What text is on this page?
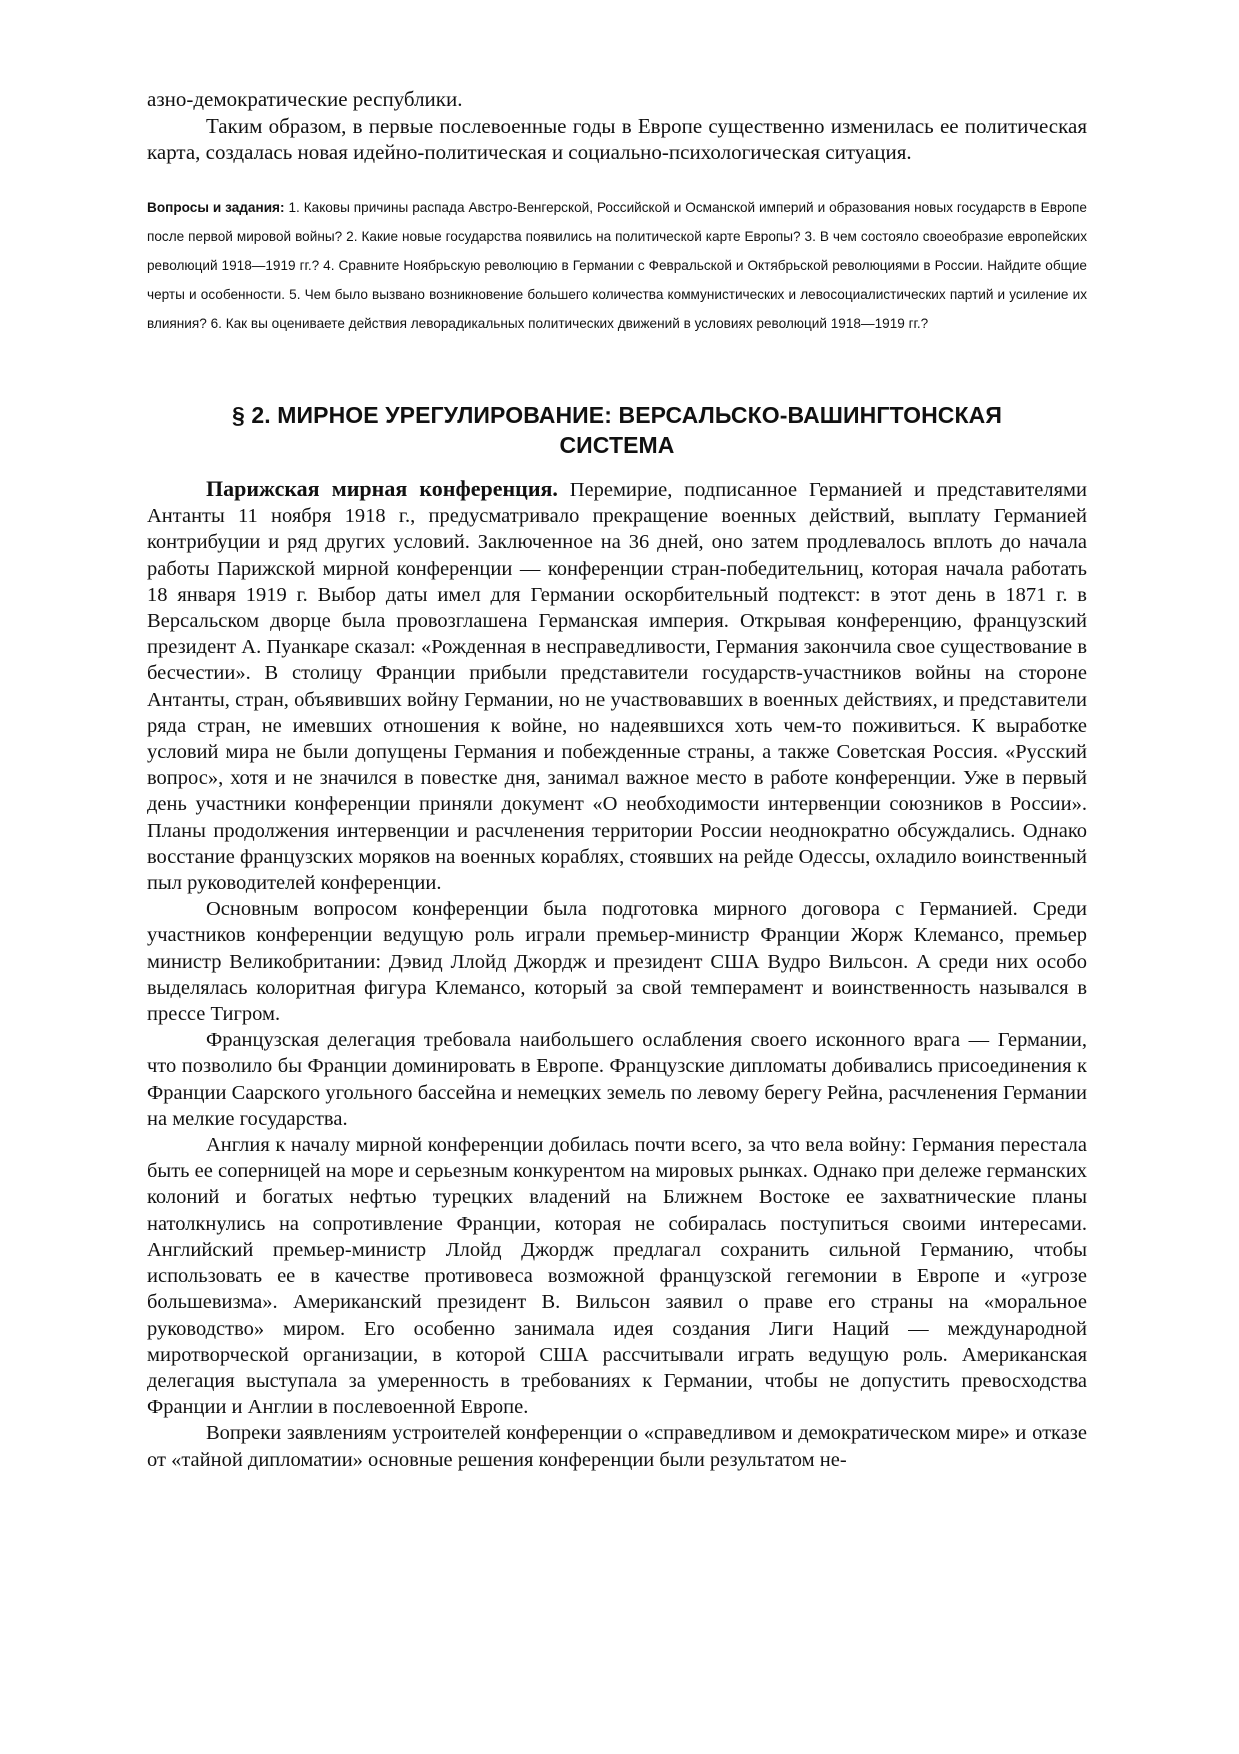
азно-демократические республики.

Таким образом, в первые послевоенные годы в Европе существенно изменилась ее политическая карта, создалась новая идейно-политическая и социально-психологическая ситуация.

Вопросы и задания: 1. Каковы причины распада Австро-Венгерской, Российской и Османской империй и образования новых государств в Европе после первой мировой войны? 2. Какие новые государства появились на политической карте Европы? 3. В чем состояло своеобразие европейских революций 1918—1919 гг.? 4. Сравните Ноябрьскую революцию в Германии с Февральской и Октябрьской революциями в России. Найдите общие черты и особенности. 5. Чем было вызвано возникновение большего количества коммунистических и левосоциалистических партий и усиление их влияния? 6. Как вы оцениваете действия леворадикальных политических движений в условиях революций 1918—1919 гг.?
§ 2. МИРНОЕ УРЕГУЛИРОВАНИЕ: ВЕРСАЛЬСКО-ВАШИНГТОНСКАЯ
СИСТЕМА

Парижская мирная конференция. Перемирие, подписанное Германией и представителями Антанты 11 ноября 1918 г., предусматривало прекращение военных действий, выплату Германией контрибуции и ряд других условий. Заключенное на 36 дней, оно затем продлевалось вплоть до начала работы Парижской мирной конференции — конференции стран-победительниц, которая начала работать 18 января 1919 г. Выбор даты имел для Германии оскорбительный подтекст: в этот день в 1871 г. в Версальском дворце была провозглашена Германская империя. Открывая конференцию, французский президент А. Пуанкаре сказал: «Рожденная в несправедливости, Германия закончила свое существование в бесчестии». В столицу Франции прибыли представители государств-участников войны на стороне Антанты, стран, объявивших войну Германии, но не участвовавших в военных действиях, и представители ряда стран, не имевших отношения к войне, но надеявшихся хоть чем-то поживиться. К выработке условий мира не были допущены Германия и побежденные страны, а также Советская Россия. «Русский вопрос», хотя и не значился в повестке дня, занимал важное место в работе конференции. Уже в первый день участники конференции приняли документ «О необходимости интервенции союзников в России». Планы продолжения интервенции и расчленения территории России неоднократно обсуждались. Однако восстание французских моряков на военных кораблях, стоявших на рейде Одессы, охладило воинственный пыл руководителей конференции.

Основным вопросом конференции была подготовка мирного договора с Германией. Среди участников конференции ведущую роль играли премьер-министр Франции Жорж Клемансо, премьер министр Великобритании: Дэвид Ллойд Джордж и президент США Вудро Вильсон. А среди них особо выделялась колоритная фигура Клемансо, который за свой темперамент и воинственность назывался в прессе Тигром.

Французская делегация требовала наибольшего ослабления своего исконного врага — Германии, что позволило бы Франции доминировать в Европе. Французские дипломаты добивались присоединения к Франции Саарского угольного бассейна и немецких земель по левому берегу Рейна, расчленения Германии на мелкие государства.

Англия к началу мирной конференции добилась почти всего, за что вела войну: Германия перестала быть ее соперницей на море и серьезным конкурентом на мировых рынках. Однако при дележе германских колоний и богатых нефтью турецких владений на Ближнем Востоке ее захватнические планы натолкнулись на сопротивление Франции, которая не собиралась поступиться своими интересами. Английский премьер-министр Ллойд Джордж предлагал сохранить сильной Германию, чтобы использовать ее в качестве противовеса возможной французской гегемонии в Европе и «угрозе большевизма». Американский президент В. Вильсон заявил о праве его страны на «моральное руководство» миром. Его особенно занимала идея создания Лиги Наций — международной миротворческой организации, в которой США рассчитывали играть ведущую роль. Американская делегация выступала за умеренность в требованиях к Германии, чтобы не допустить превосходства Франции и Англии в послевоенной Европе.

Вопреки заявлениям устроителей конференции о «справедливом и демократическом мире» и отказе от «тайной дипломатии» основные решения конференции были результатом не-
